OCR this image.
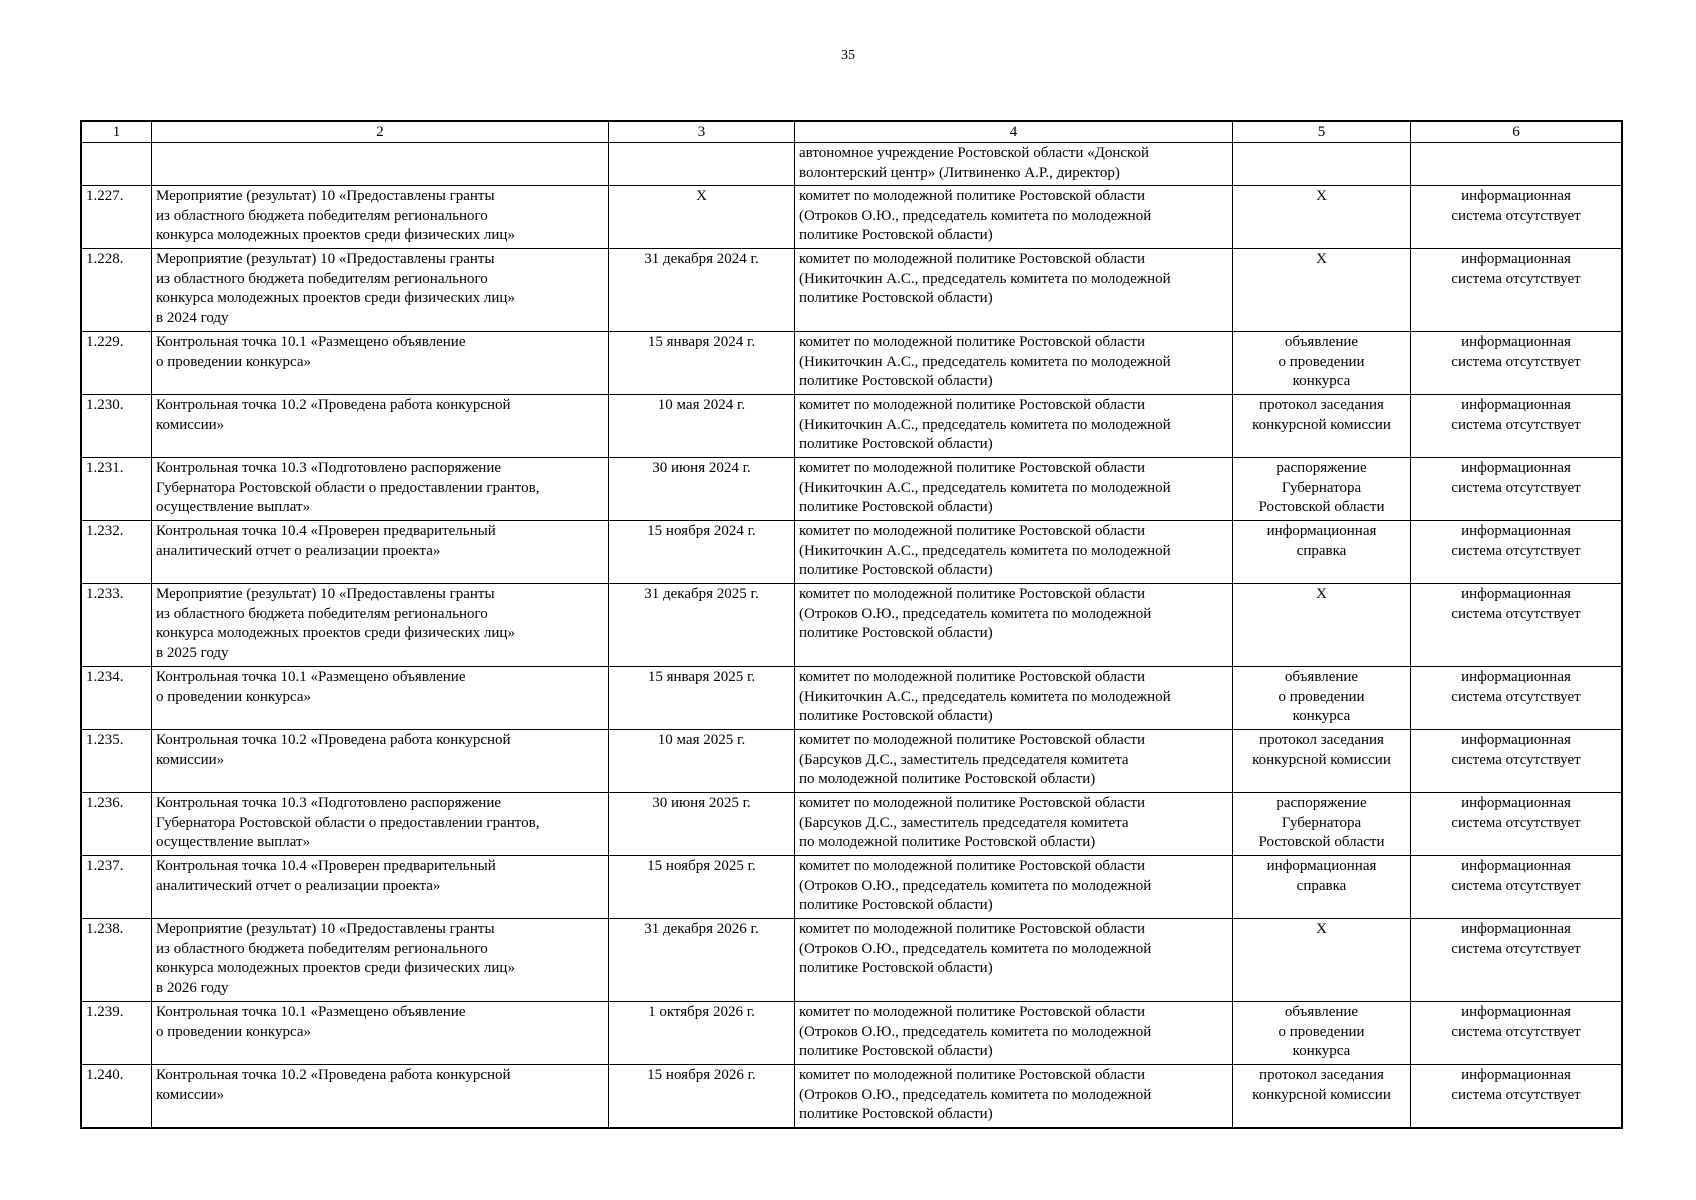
35
1	2	3	4	5	6
			автономное учреждение Ростовской области «Донской
волонтерский центр» (Литвиненко А.Р., директор)		
1.227.	Мероприятие (результат) 10 «Предоставлены гранты
из областного бюджета победителям регионального
конкурса молодежных проектов среди физических лиц»	Х	комитет по молодежной политике Ростовской области
(Отроков О.Ю., председатель комитета по молодежной
политике Ростовской области)	Х	информационная
система отсутствует
1.228.	Мероприятие (результат) 10 «Предоставлены гранты
из областного бюджета победителям регионального
конкурса молодежных проектов среди физических лиц»
в 2024 году	31 декабря 2024 г.	комитет по молодежной политике Ростовской области
(Никиточкин А.С., председатель комитета по молодежной
политике Ростовской области)	Х	информационная
система отсутствует
1.229.	Контрольная точка 10.1 «Размещено объявление
о проведении конкурса»	15 января 2024 г.	комитет по молодежной политике Ростовской области
(Никиточкин А.С., председатель комитета по молодежной
политике Ростовской области)	объявление
о проведении
конкурса	информационная
система отсутствует
1.230.	Контрольная точка 10.2 «Проведена работа конкурсной
комиссии»	10 мая 2024 г.	комитет по молодежной политике Ростовской области
(Никиточкин А.С., председатель комитета по молодежной
политике Ростовской области)	протокол заседания
конкурсной комиссии	информационная
система отсутствует
1.231.	Контрольная точка 10.3 «Подготовлено распоряжение
Губернатора Ростовской области о предоставлении грантов,
осуществление выплат»	30 июня 2024 г.	комитет по молодежной политике Ростовской области
(Никиточкин А.С., председатель комитета по молодежной
политике Ростовской области)	распоряжение
Губернатора
Ростовской области	информационная
система отсутствует
1.232.	Контрольная точка 10.4 «Проверен предварительный
аналитический отчет о реализации проекта»	15 ноября 2024 г.	комитет по молодежной политике Ростовской области
(Никиточкин А.С., председатель комитета по молодежной
политике Ростовской области)	информационная
справка	информационная
система отсутствует
1.233.	Мероприятие (результат) 10 «Предоставлены гранты
из областного бюджета победителям регионального
конкурса молодежных проектов среди физических лиц»
в 2025 году	31 декабря 2025 г.	комитет по молодежной политике Ростовской области
(Отроков О.Ю., председатель комитета по молодежной
политике Ростовской области)	Х	информационная
система отсутствует
1.234.	Контрольная точка 10.1 «Размещено объявление
о проведении конкурса»	15 января 2025 г.	комитет по молодежной политике Ростовской области
(Никиточкин А.С., председатель комитета по молодежной
политике Ростовской области)	объявление
о проведении
конкурса	информационная
система отсутствует
1.235.	Контрольная точка 10.2 «Проведена работа конкурсной
комиссии»	10 мая 2025 г.	комитет по молодежной политике Ростовской области
(Барсуков Д.С., заместитель председателя комитета
по молодежной политике Ростовской области)	протокол заседания
конкурсной комиссии	информационная
система отсутствует
1.236.	Контрольная точка 10.3 «Подготовлено распоряжение
Губернатора Ростовской области о предоставлении грантов,
осуществление выплат»	30 июня 2025 г.	комитет по молодежной политике Ростовской области
(Барсуков Д.С., заместитель председателя комитета
по молодежной политике Ростовской области)	распоряжение
Губернатора
Ростовской области	информационная
система отсутствует
1.237.	Контрольная точка 10.4 «Проверен предварительный
аналитический отчет о реализации проекта»	15 ноября 2025 г.	комитет по молодежной политике Ростовской области
(Отроков О.Ю., председатель комитета по молодежной
политике Ростовской области)	информационная
справка	информационная
система отсутствует
1.238.	Мероприятие (результат) 10 «Предоставлены гранты
из областного бюджета победителям регионального
конкурса молодежных проектов среди физических лиц»
в 2026 году	31 декабря 2026 г.	комитет по молодежной политике Ростовской области
(Отроков О.Ю., председатель комитета по молодежной
политике Ростовской области)	Х	информационная
система отсутствует
1.239.	Контрольная точка 10.1 «Размещено объявление
о проведении конкурса»	1 октября 2026 г.	комитет по молодежной политике Ростовской области
(Отроков О.Ю., председатель комитета по молодежной
политике Ростовской области)	объявление
о проведении
конкурса	информационная
система отсутствует
1.240.	Контрольная точка 10.2 «Проведена работа конкурсной
комиссии»	15 ноября 2026 г.	комитет по молодежной политике Ростовской области
(Отроков О.Ю., председатель комитета по молодежной
политике Ростовской области)	протокол заседания
конкурсной комиссии	информационная
система отсутствует
